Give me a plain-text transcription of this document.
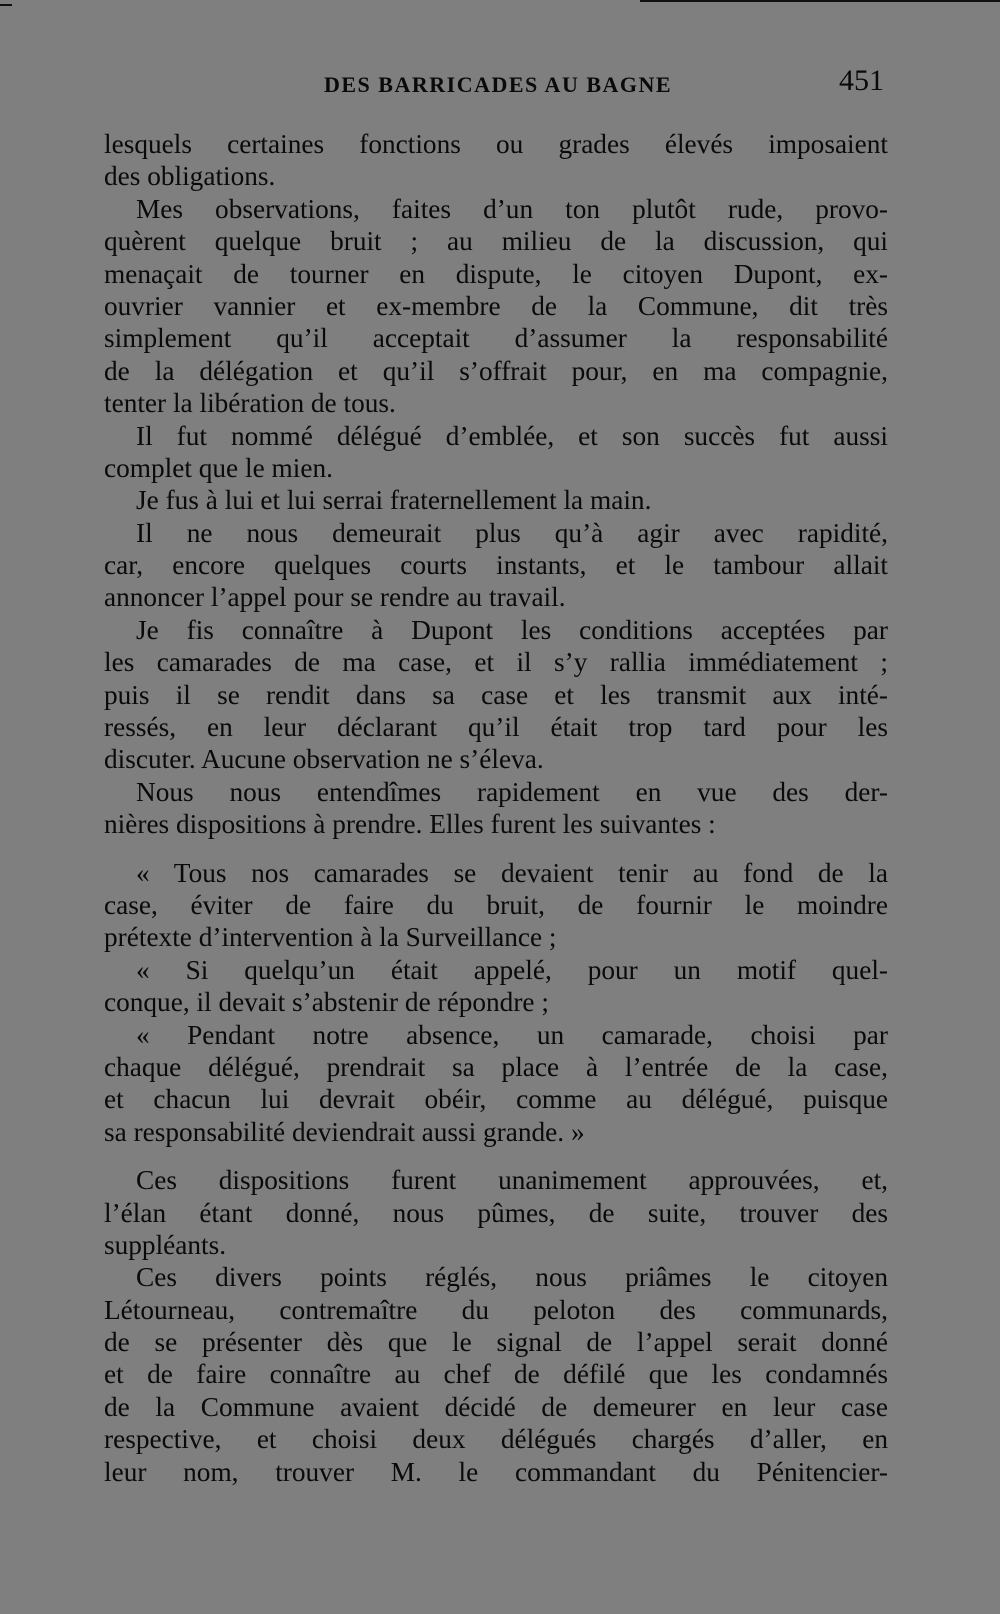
DES BARRICADES AU BAGNE	451
lesquels certaines fonctions ou grades élevés imposaient
des obligations.
Mes observations, faites d’un ton plutôt rude, provo-
quèrent quelque bruit ; au milieu de la discussion, qui
menaçait de tourner en dispute, le citoyen Dupont, ex-
ouvrier vannier et ex-membre de la Commune, dit très
simplement qu’il acceptait d’assumer la responsabilité
de la délégation et qu’il s’offrait pour, en ma compagnie,
tenter la libération de tous.
Il fut nommé délégué d’emblée, et son succès fut aussi
complet que le mien.
Je fus à lui et lui serrai fraternellement la main.
Il ne nous demeurait plus qu’à agir avec rapidité,
car, encore quelques courts instants, et le tambour allait
annoncer l’appel pour se rendre au travail.
Je fis connaître à Dupont les conditions acceptées par
les camarades de ma case, et il s’y rallia immédiatement ;
puis il se rendit dans sa case et les transmit aux inté-
ressés, en leur déclarant qu’il était trop tard pour les
discuter. Aucune observation ne s’éleva.
Nous nous entendîmes rapidement en vue des der-
nières dispositions à prendre. Elles furent les suivantes :
« Tous nos camarades se devaient tenir au fond de la
case, éviter de faire du bruit, de fournir le moindre
prétexte d’intervention à la Surveillance ;
« Si quelqu’un était appelé, pour un motif quel-
conque, il devait s’abstenir de répondre ;
« Pendant notre absence, un camarade, choisi par
chaque délégué, prendrait sa place à l’entrée de la case,
et chacun lui devrait obéir, comme au délégué, puisque
sa responsabilité deviendrait aussi grande. »
Ces dispositions furent unanimement approuvées, et,
l’élan étant donné, nous pûmes, de suite, trouver des
suppléants.
Ces divers points réglés, nous priâmes le citoyen
Létourneau, contremaître du peloton des communards,
de se présenter dès que le signal de l’appel serait donné
et de faire connaître au chef de défilé que les condamnés
de la Commune avaient décidé de demeurer en leur case
respective, et choisi deux délégués chargés d’aller, en
leur nom, trouver M. le commandant du Pénitencier-
